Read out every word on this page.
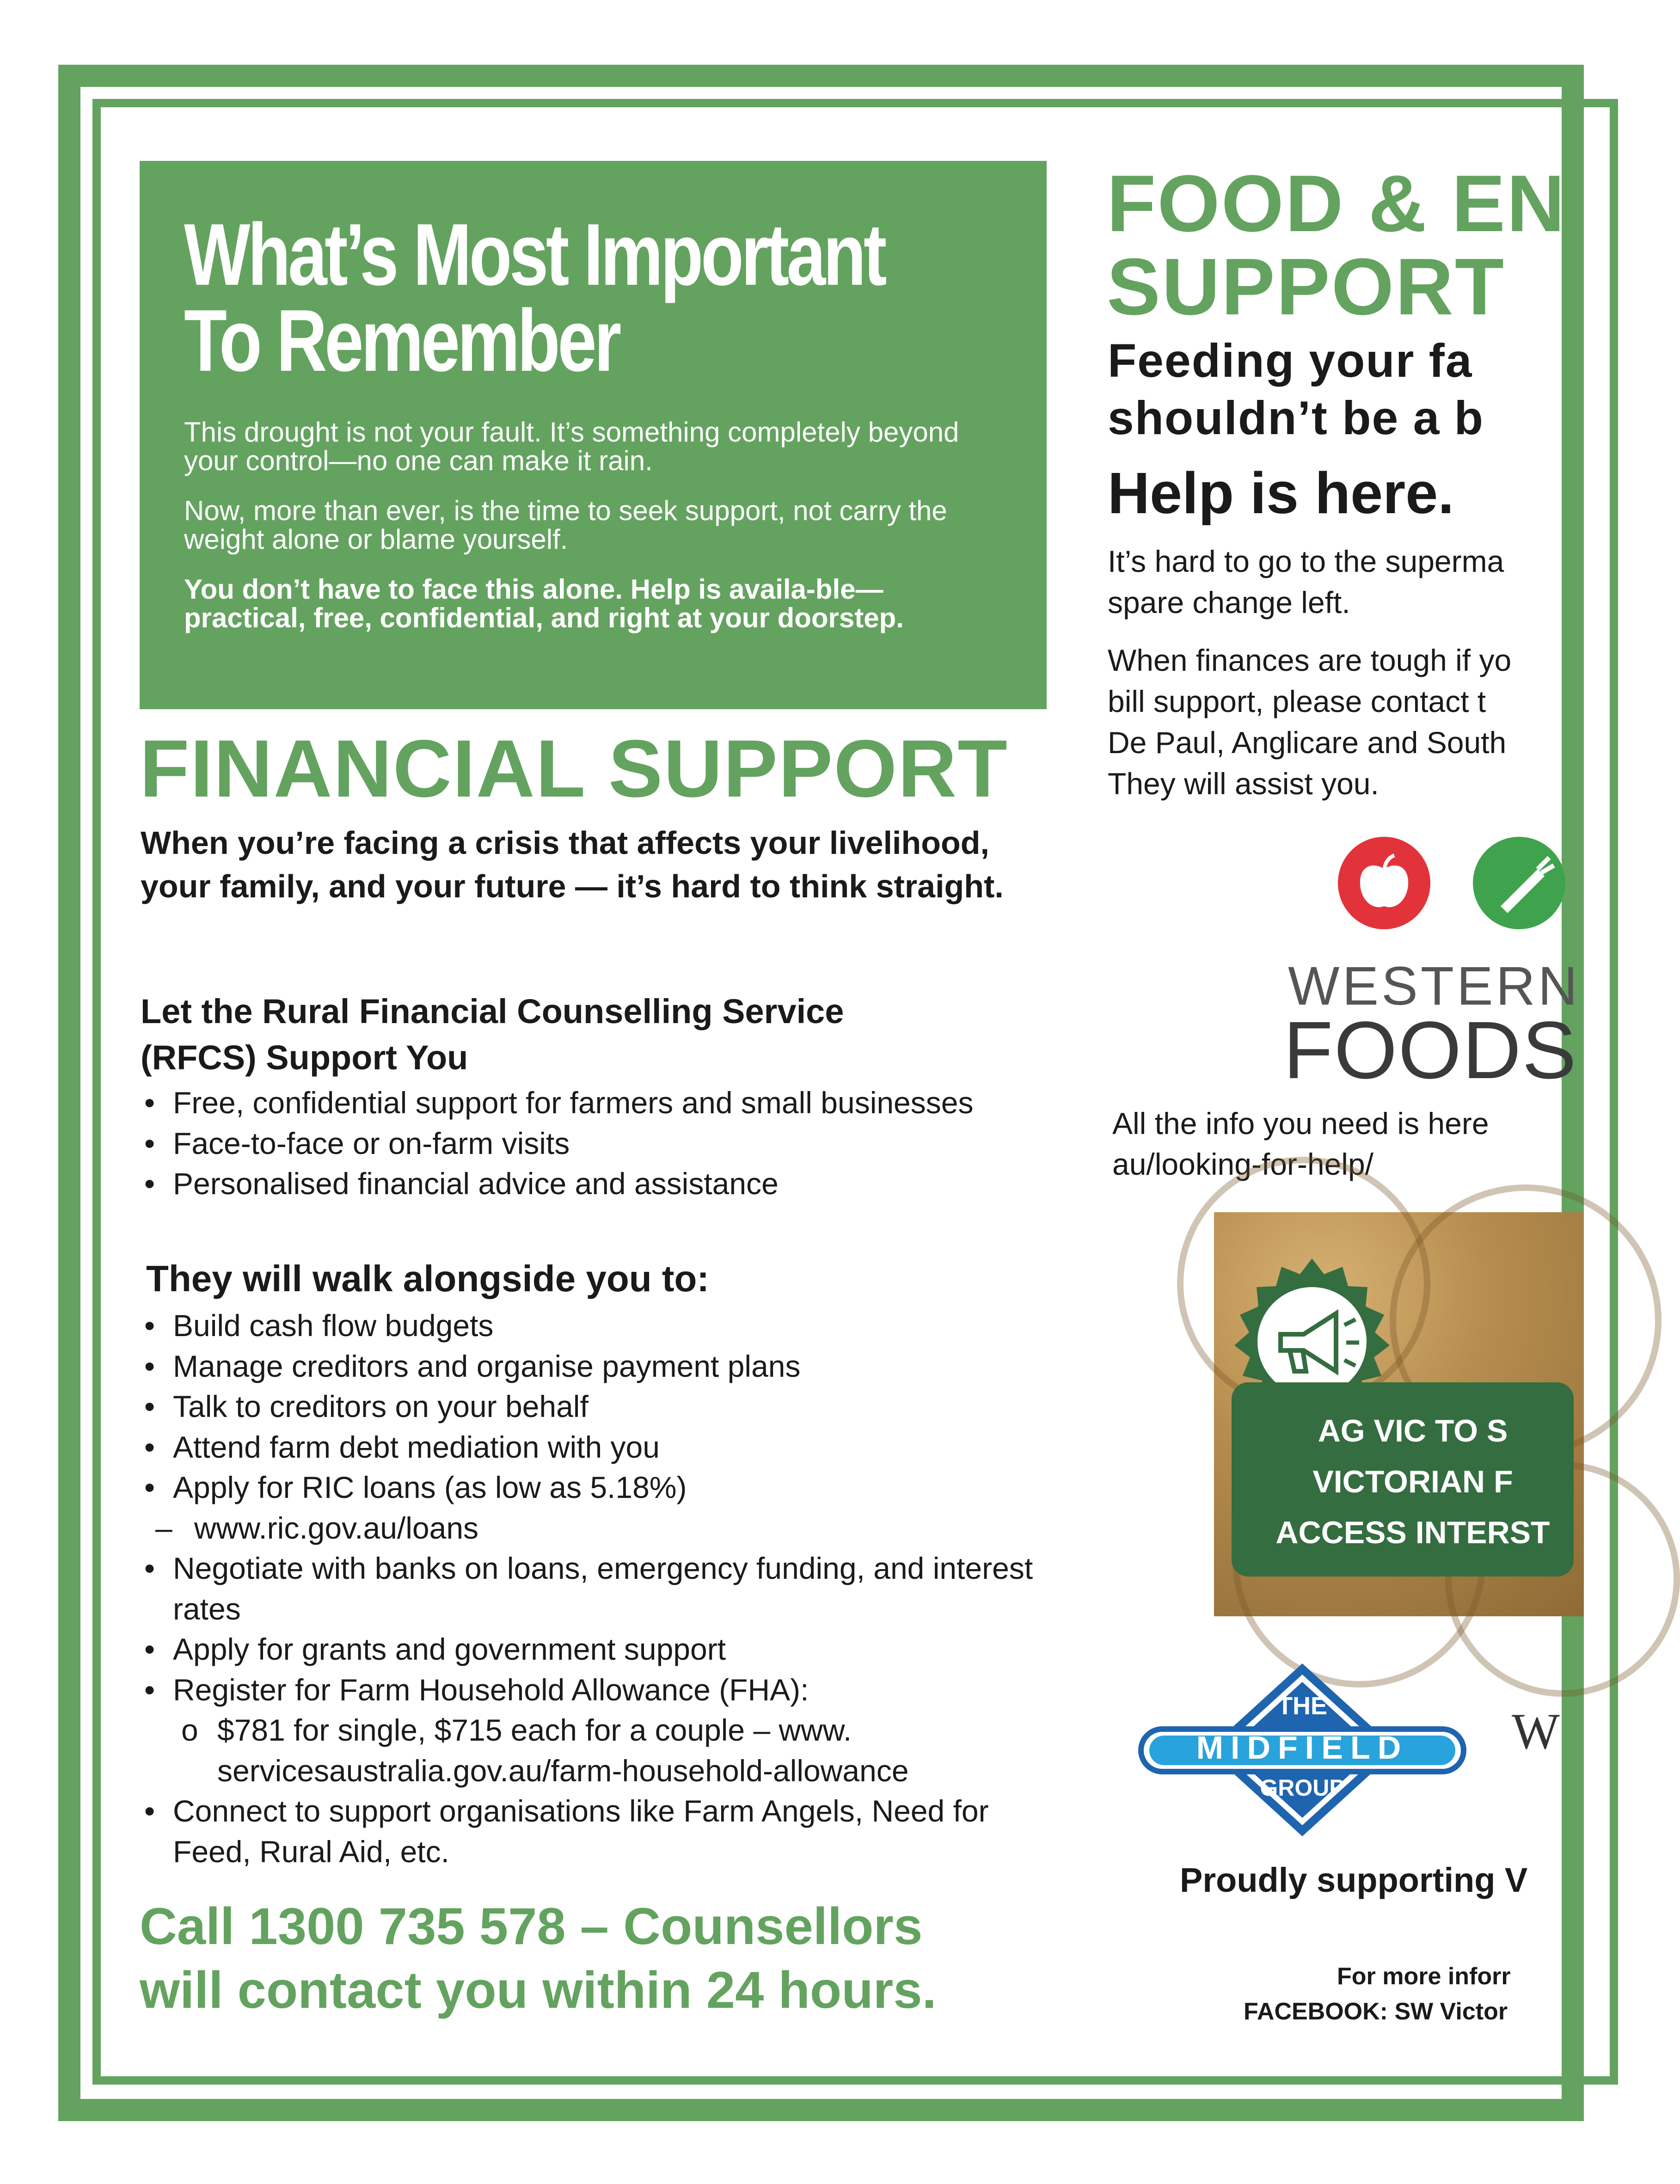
What’s Most Important
To Remember

This drought is not your fault. It’s something completely beyond your control—no one can make it rain.

Now, more than ever, is the time to seek support, not carry the weight alone or blame yourself.

You don’t have to face this alone. Help is availa-ble—practical, free, confidential, and right at your doorstep.

FINANCIAL SUPPORT
When you’re facing a crisis that affects your livelihood, your family, and your future — it’s hard to think straight.
Let the Rural Financial Counselling Service
(RFCS) Support You
• Free, confidential support for farmers and small businesses
• Face-to-face or on-farm visits
• Personalised financial advice and assistance
They will walk alongside you to:
• Build cash flow budgets
• Manage creditors and organise payment plans
• Talk to creditors on your behalf
• Attend farm debt mediation with you
• Apply for RIC loans (as low as 5.18%)
– www.ric.gov.au/loans
• Negotiate with banks on loans, emergency funding, and interest rates
• Apply for grants and government support
• Register for Farm Household Allowance (FHA):
o $781 for single, $715 each for a couple – www. servicesaustralia.gov.au/farm-household-allowance
• Connect to support organisations like Farm Angels, Need for Feed, Rural Aid, etc.
Call 1300 735 578 – Counsellors
will contact you within 24 hours.
FOOD & EN
SUPPORT
Feeding your fa
shouldn’t be a b
Help is here.
It’s hard to go to the superma
spare change left.
When finances are tough if yo
bill support, please contact t
De Paul, Anglicare and South
They will assist you.
WESTERN
FOODS
All the info you need is here
au/looking-for-help/
AG VIC TO S
VICTORIAN F
ACCESS INTERST
THE
MIDFIELD
GROUP
W
Proudly supporting V
For more inforr
FACEBOOK: SW Victor
